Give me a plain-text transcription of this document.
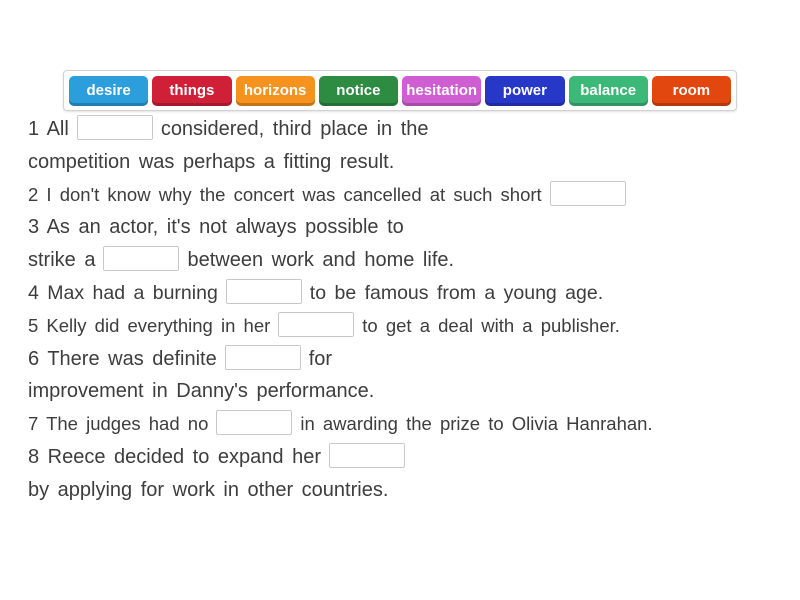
desire	things horizons notice hesitation power balance room
1 All	considered, third place in the
competition was perhaps a fitting result.
2 I don't know why the concert was cancelled at such short
3 As an actor, it's not always possible to
strike a	between work and home life.
4 Max had a burning	to be famous from a young age.
5 Kelly did everything in her	to get a deal with a publisher.
6 There was definite	for
improvement in Danny's performance.
7 The judges had no	in awarding the prize to Olivia Hanrahan.
8 Reece decided to expand her
by applying for work in other countries.
